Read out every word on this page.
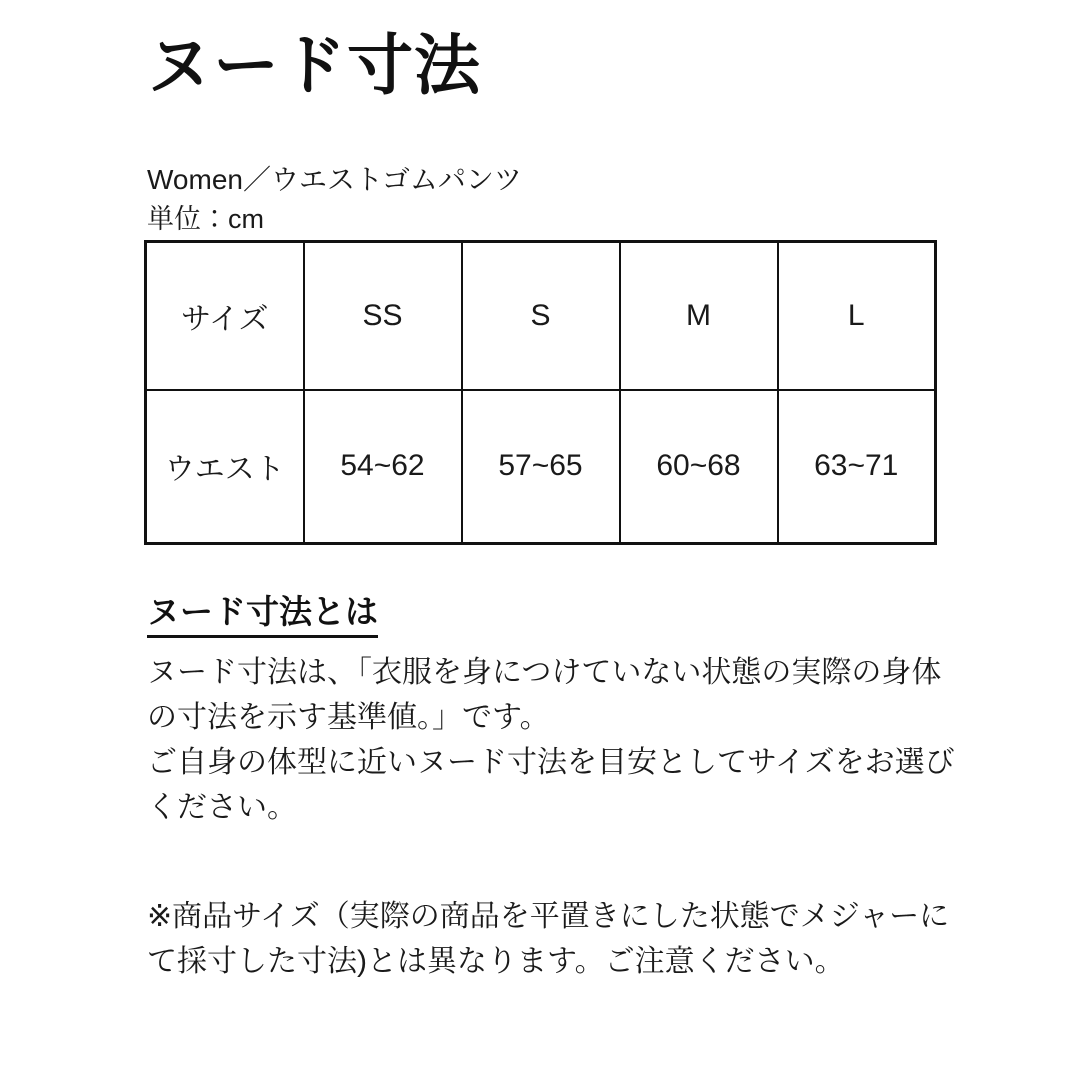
ヌード寸法
Women／ウエストゴムパンツ
単位：cm
サイズ	SS	S	M	L
ウエスト	54~62	57~65	60~68	63~71
ヌード寸法とは

ヌード寸法は、「衣服を身につけていない状態の実際の身体の寸法を示す基準値。」です。

ご自身の体型に近いヌード寸法を目安としてサイズをお選びください。

※商品サイズ（実際の商品を平置きにした状態でメジャーにて採寸した寸法)とは異なります。ご注意ください。
